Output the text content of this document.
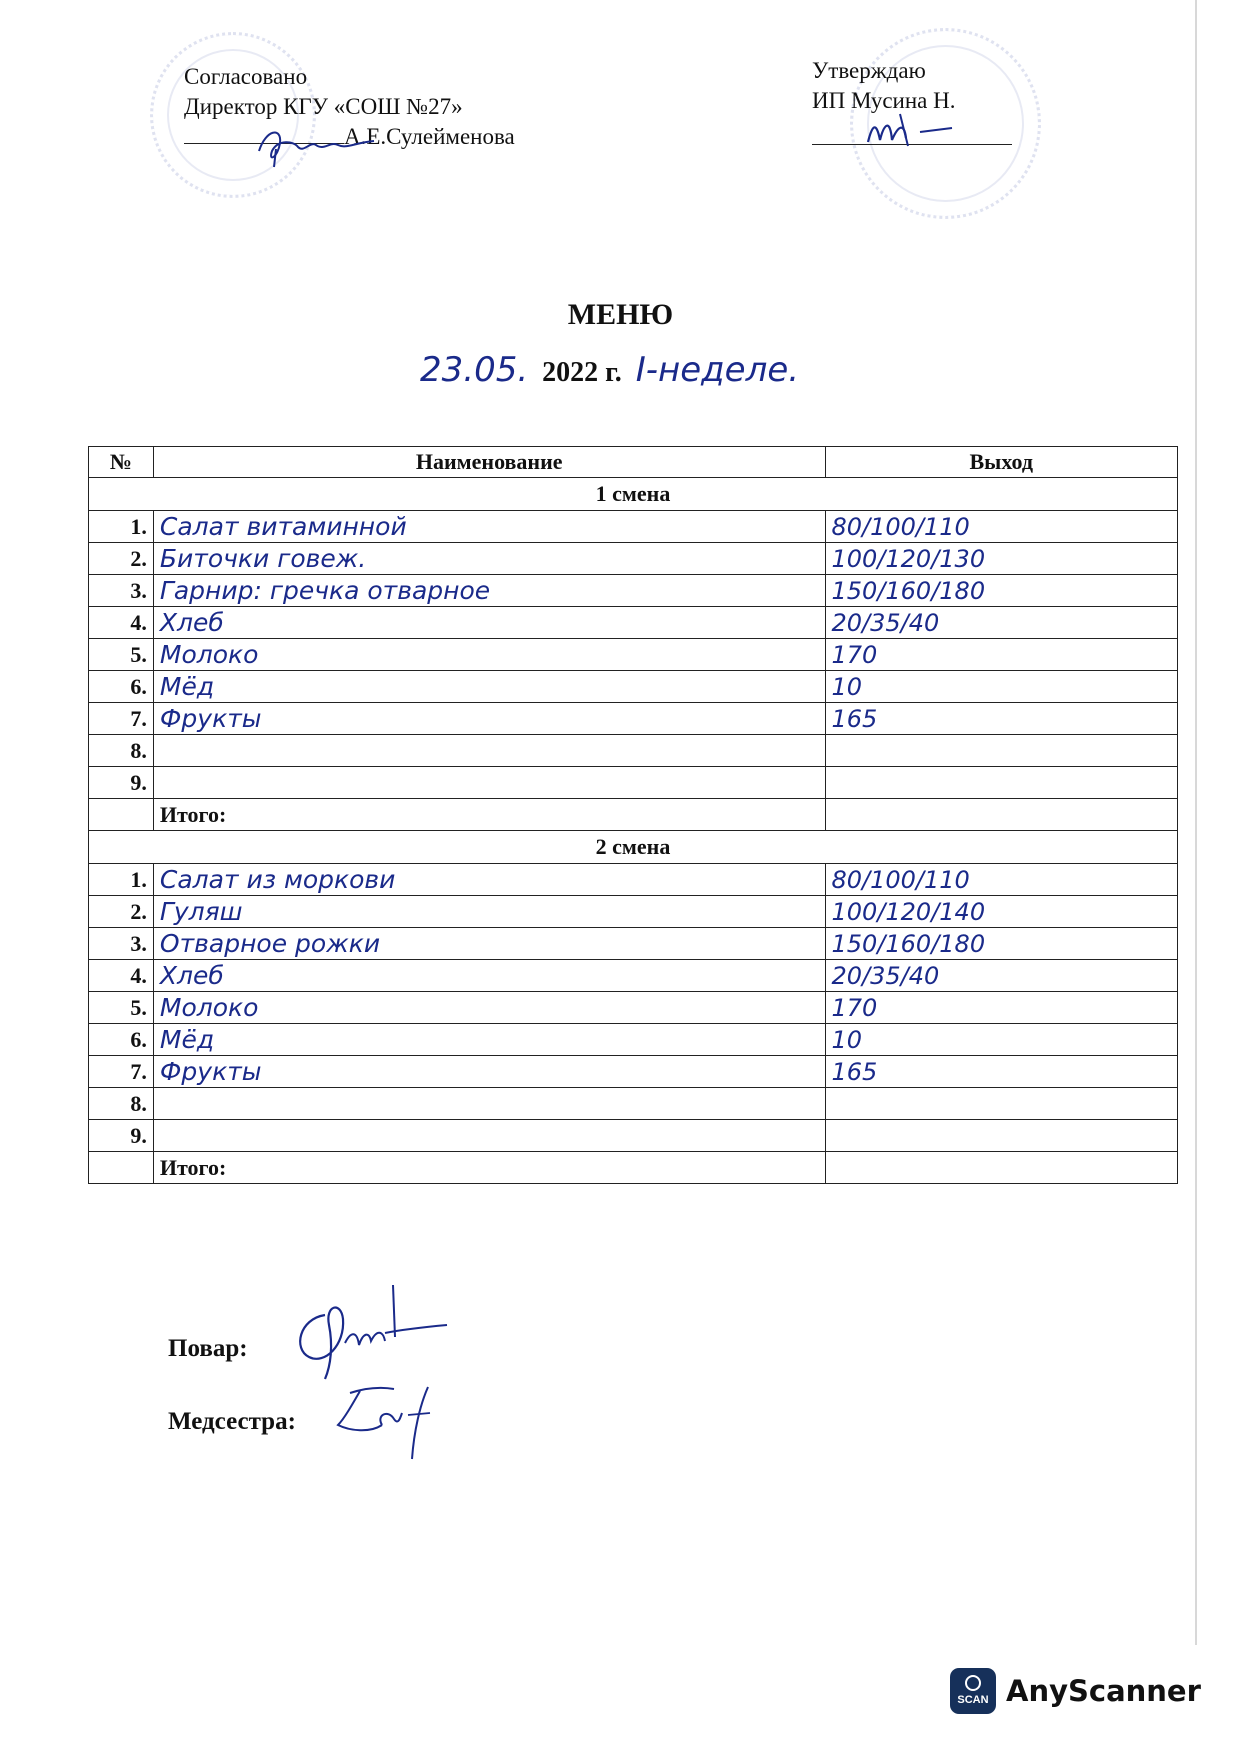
Согласовано
Директор КГУ «СОШ №27»
А.Е.Сулейменова
Утверждаю
ИП Мусина Н.
МЕНЮ
23.05. 2022 г. I-неделе.
№	Наименование	Выход
1 смена		
1.	Салат витаминной	80/100/110
2.	Биточки говеж.	100/120/130
3.	Гарнир: гречка отварное	150/160/180
4.	Хлеб	20/35/40
5.	Молоко	170
6.	Мёд	10
7.	Фрукты	165
8.		
9.		
	Итого:	
2 смена		
1.	Салат из моркови	80/100/110
2.	Гуляш	100/120/140
3.	Отварное рожки	150/160/180
4.	Хлеб	20/35/40
5.	Молоко	170
6.	Мёд	10
7.	Фрукты	165
8.		
9.		
	Итого:	
Повар:
Медсестра:
SCAN AnyScanner
